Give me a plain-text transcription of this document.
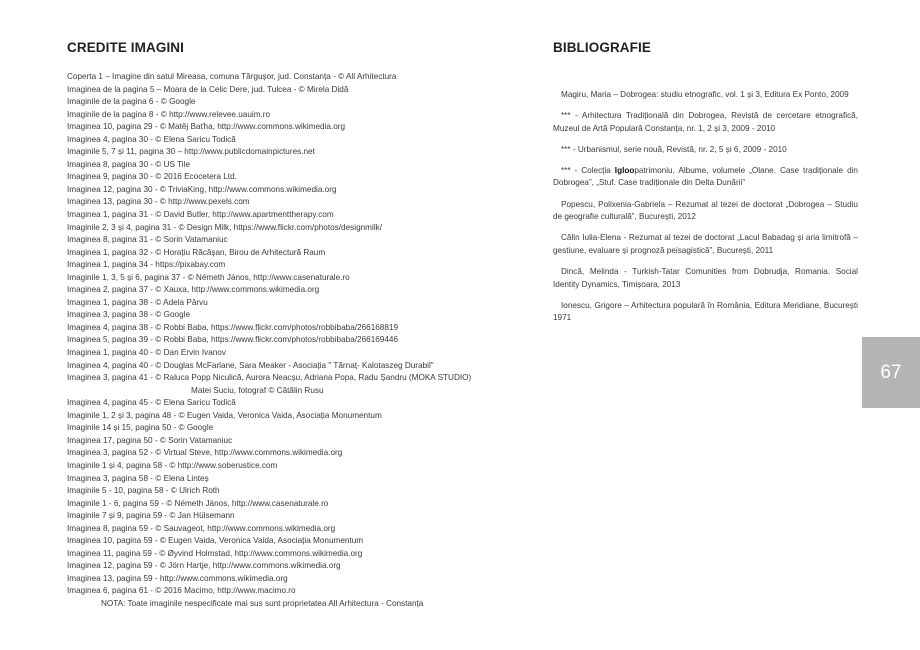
CREDITE IMAGINI
Coperta 1 – Imagine din satul Mireasa, comuna Târgușor, jud. Constanța - © All Arhitectura
Imaginea de la pagina 5 – Moara de la Celic Dere, jud. Tulcea - © Mirela Didă
Imaginile de la pagina 6 - © Google
Imaginile de la pagina 8 - © http://www.relevee.uauim.ro
Imaginea 10, pagina 29 - © Matěj Baťha, http://www.commons.wikimedia.org
Imaginea 4, pagina 30 - © Elena Saricu Todică
Imaginile 5, 7 și 11, pagina 30 – http://www.publicdomainpictures.net
Imaginea 8, pagina 30 - © US Tile
Imaginea 9, pagina 30 - © 2016 Ecocetera Ltd.
Imaginea 12, pagina 30 - © TriviaKing, http://www.commons.wikimedia.org
Imaginea 13, pagina 30 - © http://www.pexels.com
Imaginea 1, pagina 31 - © David Butler, http://www.apartmenttherapy.com
Imaginile 2, 3 și 4, pagina 31 - © Design Milk, https://www.flickr.com/photos/designmilk/
Imaginea 8, pagina 31 - © Sorin Vatamaniuc
Imaginea 1, pagina 32 - © Horațiu Răcășan, Birou de Arhitectură Raum
Imaginea 1, pagina 34 - https://pixabay.com
Imaginile 1, 3, 5 și 6, pagina 37 - © Németh János, http://www.casenaturale.ro
Imaginea 2, pagina 37 - © Xauxa, http://www.commons.wikimedia.org
Imaginea 1, pagina 38 - © Adela Pârvu
Imaginea 3, pagina 38 - © Google
Imaginea 4, pagina 38 - © Robbi Baba, https://www.flickr.com/photos/robbibaba/266168819
Imaginea 5, pagina 39 - © Robbi Baba, https://www.flickr.com/photos/robbibaba/266169446
Imaginea 1, pagina 40 - © Dan Ervin Ivanov
Imaginea 4, pagina 40 - © Douglas McFarlane, Sara Meaker - Asociația " Tărnaț- Kalotaszeg Durabil"
Imaginea 3, pagina 41 - © Raluca Popp Niculică, Aurora Neacșu, Adriana Popa, Radu Șandru (MOKA STUDIO)
Matei Suciu, fotograf © Cătălin Rusu
Imaginea 4, pagina 45 - © Elena Saricu Todică
Imaginile 1, 2 și 3, pagina 48 - © Eugen Vaida, Veronica Vaida, Asociația Monumentum
Imaginile 14 și 15, pagina 50 - © Google
Imaginea 17, pagina 50 - © Sorin Vatamaniuc
Imaginea 3, pagina 52 - © Virtual Steve, http://www.commons.wikimedia.org
Imaginile 1 și 4, pagina 58 - © http://www.soberustice.com
Imaginea 3, pagina 58 - © Elena Linteș
Imaginile 5 - 10, pagina 58 - © Ulrich Roth
Imaginile 1 - 6, pagina 59 - © Németh János, http://www.casenaturale.ro
Imaginile 7 și 9, pagina 59 - © Jan Hülsemann
Imaginea 8, pagina 59 - © Sauvageot, http://www.commons.wikimedia.org
Imaginea 10, pagina 59 - © Eugen Vaida, Veronica Vaida, Asociația Monumentum
Imaginea 11, pagina 59 - © Øyvind Holmstad, http://www.commons.wikimedia.org
Imaginea 12, pagina 59 - © Jörn Hartje, http://www.commons.wikimedia.org
Imaginea 13, pagina 59 - http://www.commons.wikimedia.org
Imaginea 6, pagina 61 - © 2016 Macimo, http://www.macimo.ro
NOTA: Toate imaginile nespecificate mai sus sunt proprietatea All Arhitectura - Constanța
BIBLIOGRAFIE
Magiru, Maria – Dobrogea: studiu etnografic, vol. 1 și 3, Editura Ex Ponto, 2009
*** - Arhitectura Tradițională din Dobrogea, Revistă de cercetare etnografică, Muzeul de Artă Populară Constanța, nr. 1, 2 și 3, 2009 - 2010
*** - Urbanismul, serie nouă, Revistă, nr. 2, 5 și 6, 2009 - 2010
*** - Colecția Igloopatrimoniu, Albume, volumele „Olane. Case tradiționale din Dobrogea”, „Stuf. Case tradiționale din Delta Dunării”
Popescu, Polixenia-Gabriela – Rezumat al tezei de doctorat „Dobrogea – Studiu de geografie culturală”, București, 2012
Călin Iulia-Elena - Rezumat al tezei de doctorat „Lacul Babadag și aria limitrofă – gestiune, evaluare și prognoză peisagistică”, București, 2011
Dincă, Melinda - Turkish-Tatar Comunities from Dobrudja, Romania. Social Identity Dynamics, Timișoara, 2013
Ionescu, Grigore – Arhitectura populară în România, Editura Meridiane, București 1971
67
